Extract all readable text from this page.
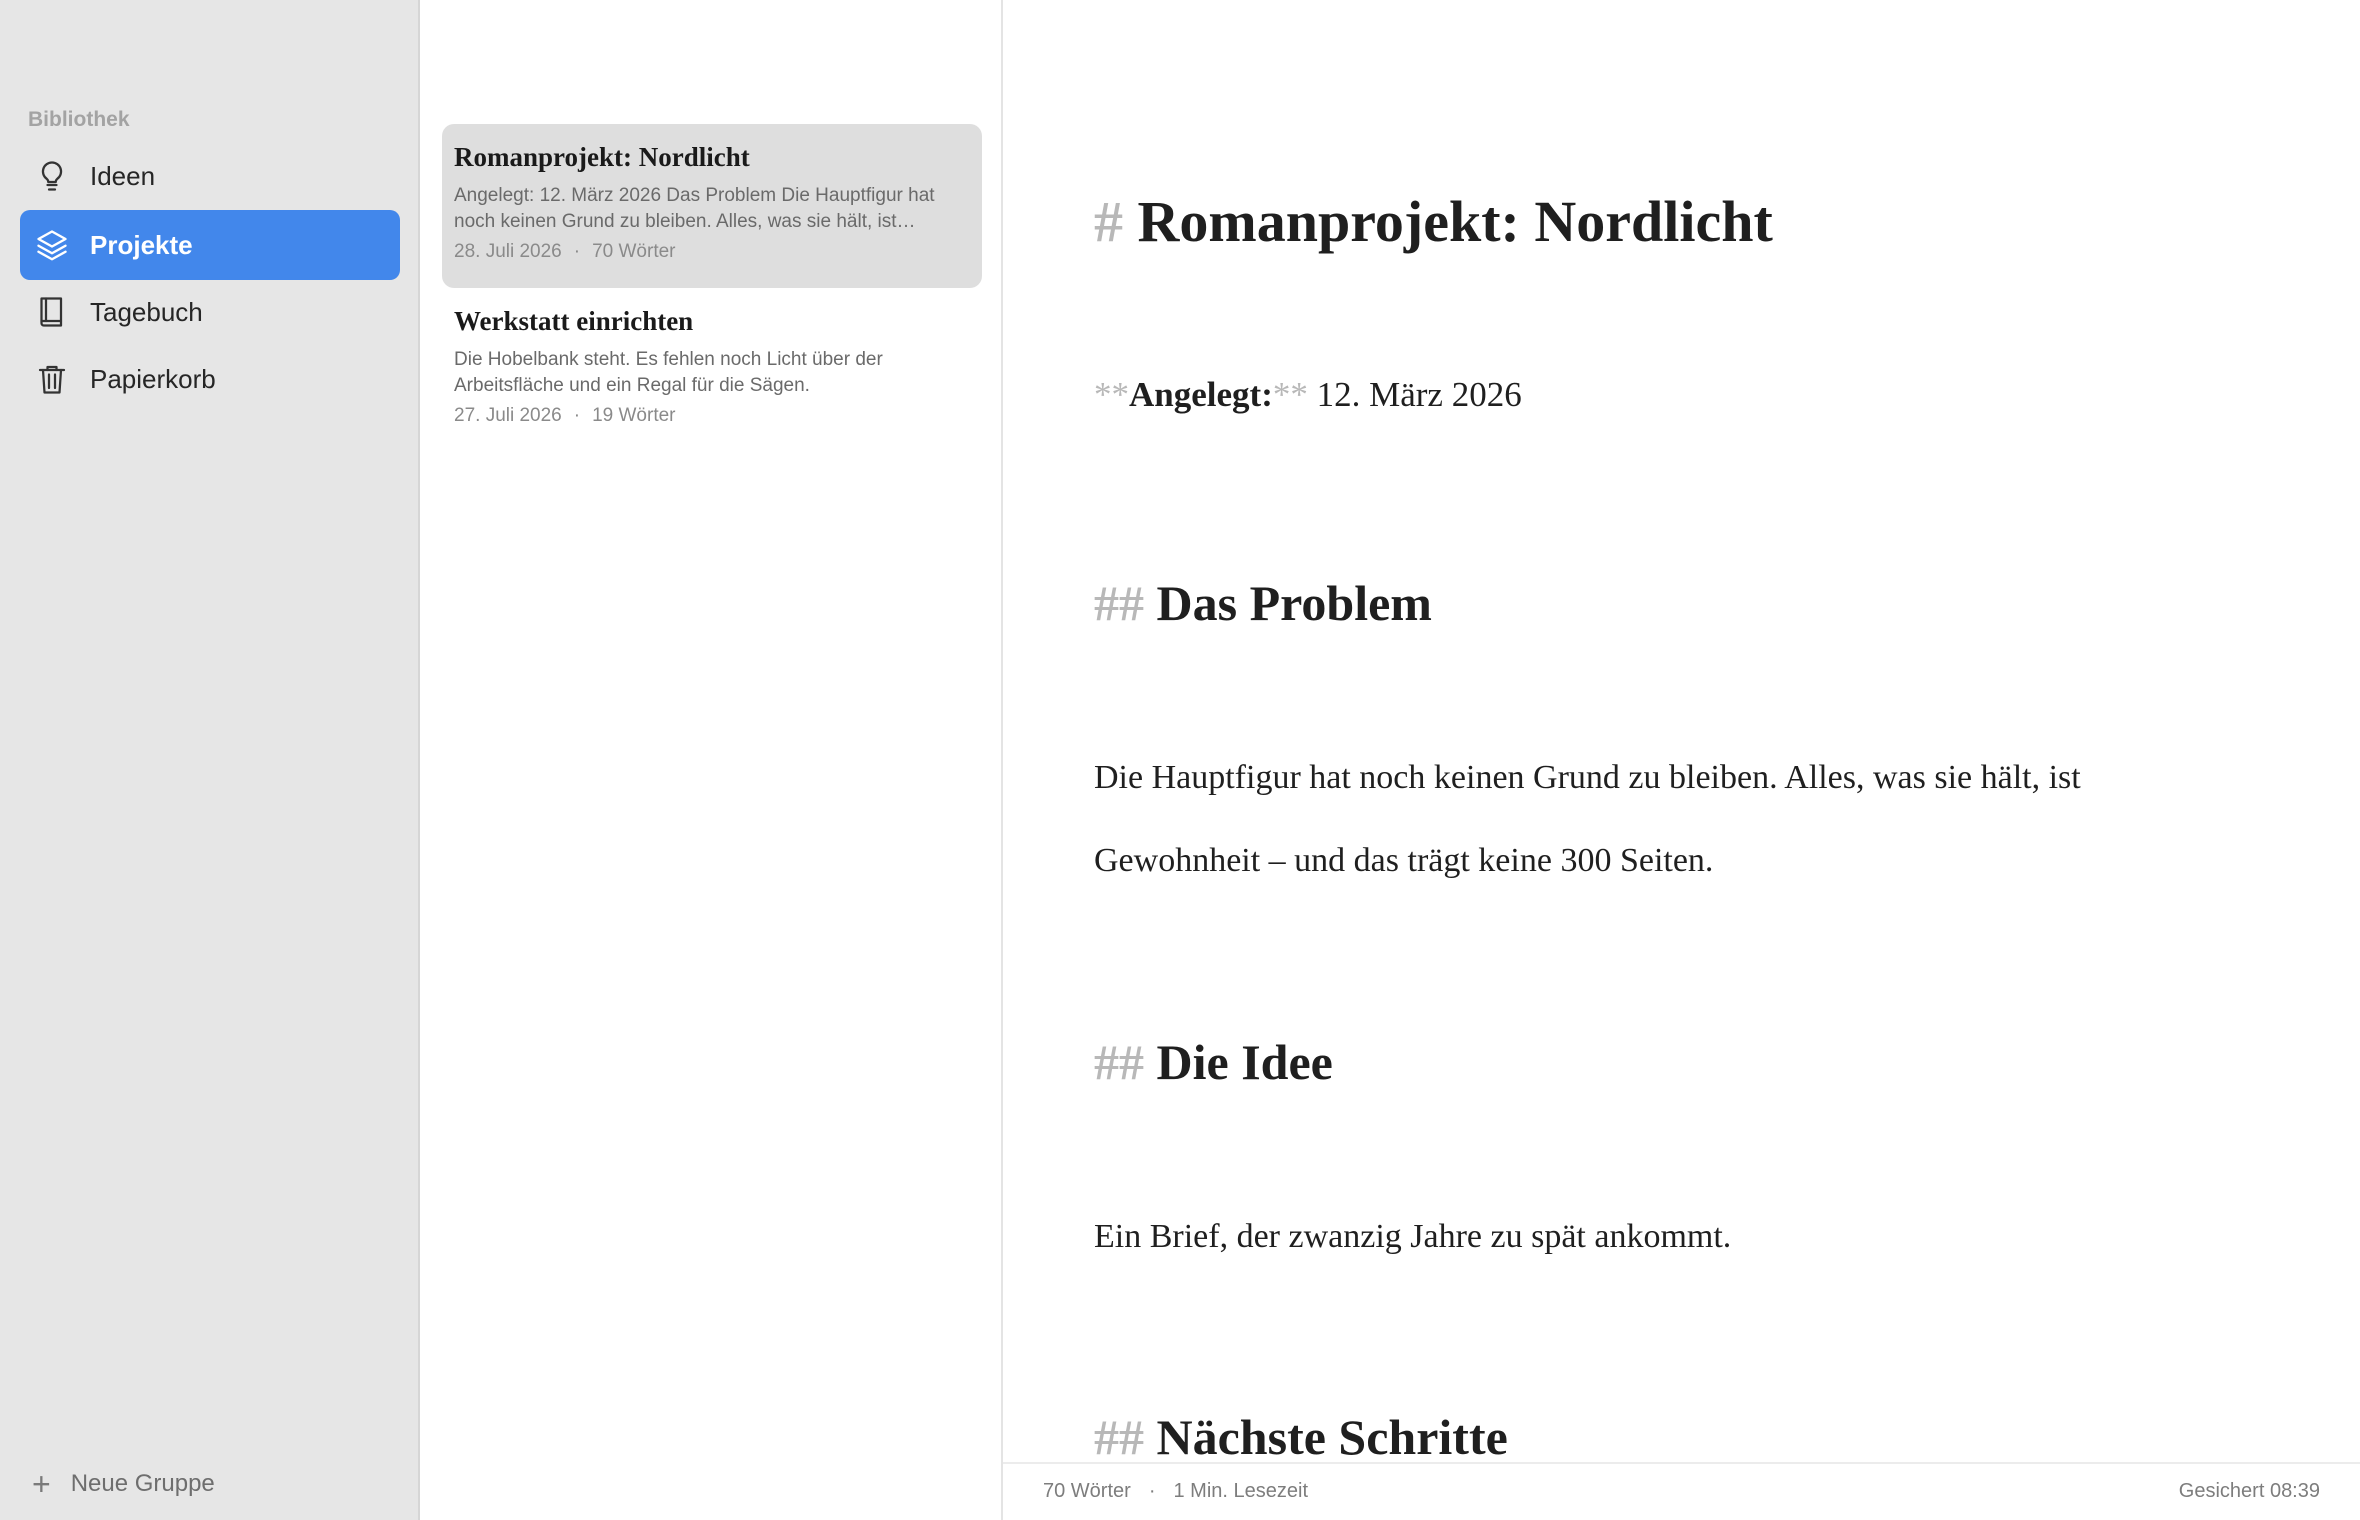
Bibliothek
Ideen
Projekte
Tagebuch
Papierkorb
+ Neue Gruppe
Romanprojekt: Nordlicht
Angelegt: 12. März 2026 Das Problem Die Hauptfigur hat noch keinen Grund zu bleiben. Alles, was sie hält, ist
28. Juli 2026 · 70 Wörter
Werkstatt einrichten
Die Hobelbank steht. Es fehlen noch Licht über der Arbeitsfläche und ein Regal für die Sägen.
27. Juli 2026 · 19 Wörter
# Romanprojekt: Nordlicht
**Angelegt:** 12. März 2026
## Das Problem
Die Hauptfigur hat noch keinen Grund zu bleiben. Alles, was sie hält, ist Gewohnheit – und das trägt keine 300 Seiten.
## Die Idee
Ein Brief, der zwanzig Jahre zu spät ankommt.
## Nächste Schritte
70 Wörter · 1 Min. Lesezeit	Gesichert 08:39
